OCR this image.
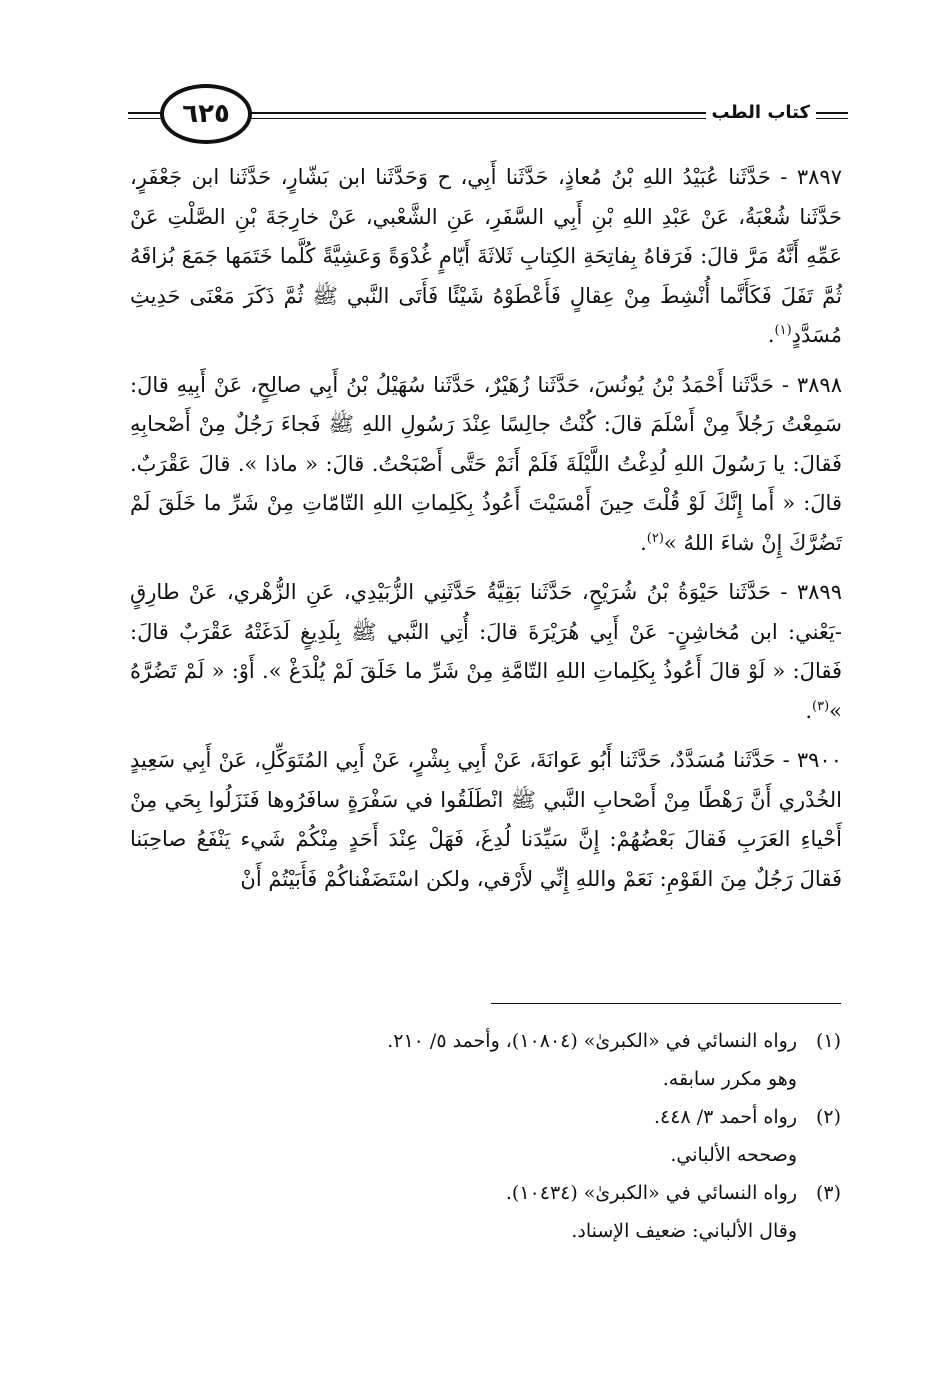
٦٢٥	كتاب الطب

٣٨٩٧ - حَدَّثَنا عُبَيْدُ اللهِ بْنُ مُعاذٍ، حَدَّثَنا أَبِي، ح وَحَدَّثَنا ابن بَشّارٍ، حَدَّثَنا ابن جَعْفَرٍ، حَدَّثَنا شُعْبَةُ، عَنْ عَبْدِ اللهِ بْنِ أَبِي السَّفَرِ، عَنِ الشَّعْبي، عَنْ خارِجَةَ بْنِ الصَّلْتِ عَنْ عَمِّهِ أَنَّهُ مَرَّ قالَ: فَرَقاهُ بِفاتِحَةِ الكِتابِ ثَلاثَةَ أَيّامٍ غُدْوَةً وَعَشِيَّةً كُلَّما خَتَمَها جَمَعَ بُزاقَهُ ثُمَّ تَفَلَ فَكَأَنَّما أُنْشِطَ مِنْ عِقالٍ فَأَعْطَوْهُ شَيْئًا فَأَتَى النَّبي ﷺ ثُمَّ ذَكَرَ مَعْنَى حَدِيثِ مُسَدَّدٍ$^{(١)}$.

٣٨٩٨ - حَدَّثَنا أَحْمَدُ بْنُ يُونُسَ، حَدَّثَنا زُهَيْرٌ، حَدَّثَنا سُهَيْلُ بْنُ أَبِي صالِحٍ، عَنْ أَبِيهِ قالَ: سَمِعْتُ رَجُلاً مِنْ أَسْلَمَ قالَ: كُنْتُ جالِسًا عِنْدَ رَسُولِ اللهِ ﷺ فَجاءَ رَجُلٌ مِنْ أَصْحابِهِ فَقالَ: يا رَسُولَ اللهِ لُدِغْتُ اللَّيْلَةَ فَلَمْ أَنَمْ حَتَّى أَصْبَحْتُ. قالَ: « ماذا ». قالَ عَقْرَبٌ. قالَ: « أَما إِنَّكَ لَوْ قُلْتَ حِينَ أَمْسَيْتَ أَعُوذُ بِكَلِماتِ اللهِ التّامّاتِ مِنْ شَرِّ ما خَلَقَ لَمْ تَضُرَّكَ إِنْ شاءَ اللهُ »$^{(٢)}$.

٣٨٩٩ - حَدَّثَنا حَيْوَةُ بْنُ شُرَيْحٍ، حَدَّثَنا بَقِيَّةُ حَدَّثَنِي الزُّبَيْدِي، عَنِ الزُّهْري، عَنْ طارِقٍ -يَعْني: ابن مُخاشِنٍ- عَنْ أَبِي هُرَيْرَةَ قالَ: أُتِي النَّبي ﷺ بِلَدِيغٍ لَدَغَتْهُ عَقْرَبٌ قالَ: فَقالَ: « لَوْ قالَ أَعُوذُ بِكَلِماتِ اللهِ التّامَّةِ مِنْ شَرِّ ما خَلَقَ لَمْ يُلْدَغْ ». أَوْ: « لَمْ تَضُرَّهُ »$^{(٣)}$.

٣٩٠٠ - حَدَّثَنا مُسَدَّدٌ، حَدَّثَنا أَبُو عَوانَةَ، عَنْ أَبِي بِشْرٍ، عَنْ أَبِي المُتَوَكِّلِ، عَنْ أَبِي سَعِيدٍ الخُدْري أَنَّ رَهْطًا مِنْ أَصْحابِ النَّبي ﷺ انْطَلَقُوا في سَفْرَةٍ سافَرُوها فَنَزَلُوا بِحَي مِنْ أَحْياءِ العَرَبِ فَقالَ بَعْضُهُمْ: إِنَّ سَيِّدَنا لُدِغَ، فَهَلْ عِنْدَ أَحَدٍ مِنْكُمْ شَيء يَنْفَعُ صاحِبَنا فَقالَ رَجُلٌ مِنَ القَوْمِ: نَعَمْ واللهِ إِنِّي لأَرْقي، ولكن اسْتَضَفْناكُمْ فَأَبَيْتُمْ أَنْ

(١)رواه النسائي في «الكبرىٰ» (١٠٨٠٤)، وأحمد ٥/ ٢١٠.

وهو مكرر سابقه.

(٢)رواه أحمد ٣/ ٤٤٨.

وصححه الألباني.

(٣)رواه النسائي في «الكبرىٰ» (١٠٤٣٤).

وقال الألباني: ضعيف الإسناد.
